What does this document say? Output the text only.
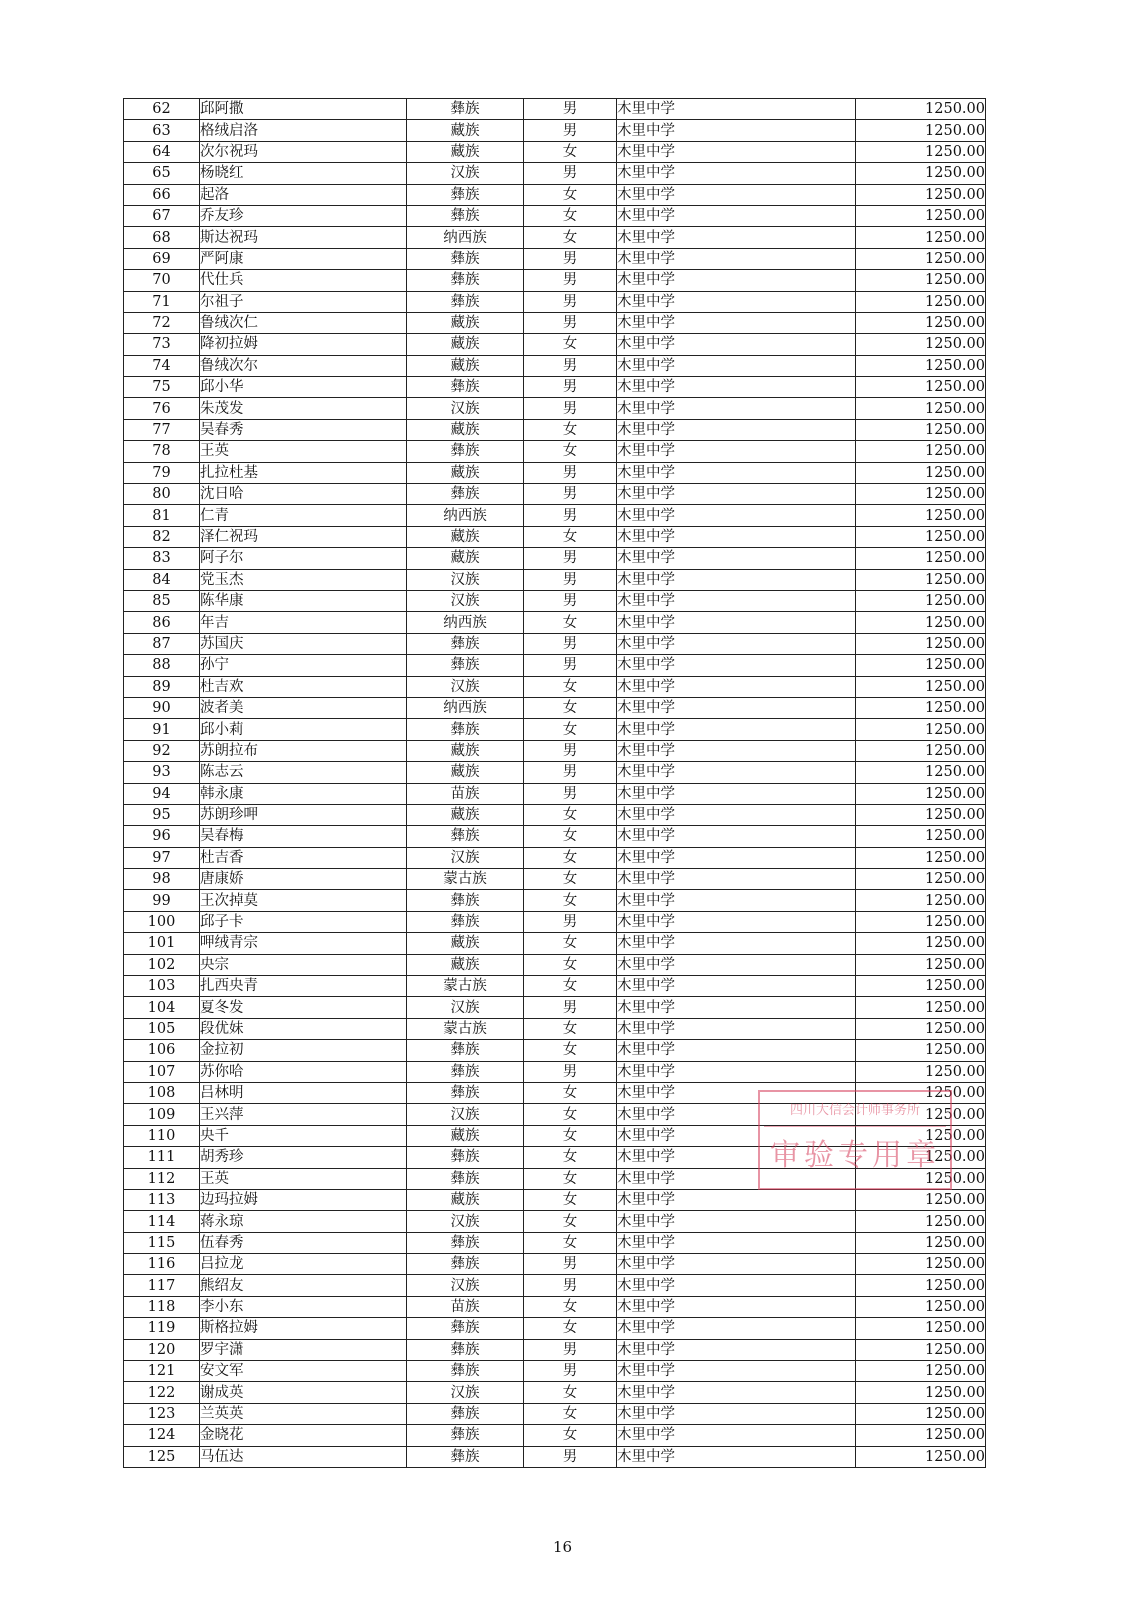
62	邱阿撒	彝族	男	木里中学	1250.00
63	格绒启洛	藏族	男	木里中学	1250.00
64	次尔祝玛	藏族	女	木里中学	1250.00
65	杨晓红	汉族	男	木里中学	1250.00
66	起洛	彝族	女	木里中学	1250.00
67	乔友珍	彝族	女	木里中学	1250.00
68	斯达祝玛	纳西族	女	木里中学	1250.00
69	严阿康	彝族	男	木里中学	1250.00
70	代仕兵	彝族	男	木里中学	1250.00
71	尔祖子	彝族	男	木里中学	1250.00
72	鲁绒次仁	藏族	男	木里中学	1250.00
73	降初拉姆	藏族	女	木里中学	1250.00
74	鲁绒次尔	藏族	男	木里中学	1250.00
75	邱小华	彝族	男	木里中学	1250.00
76	朱茂发	汉族	男	木里中学	1250.00
77	吴春秀	藏族	女	木里中学	1250.00
78	王英	彝族	女	木里中学	1250.00
79	扎拉杜基	藏族	男	木里中学	1250.00
80	沈日哈	彝族	男	木里中学	1250.00
81	仁青	纳西族	男	木里中学	1250.00
82	泽仁祝玛	藏族	女	木里中学	1250.00
83	阿子尔	藏族	男	木里中学	1250.00
84	党玉杰	汉族	男	木里中学	1250.00
85	陈华康	汉族	男	木里中学	1250.00
86	年吉	纳西族	女	木里中学	1250.00
87	苏国庆	彝族	男	木里中学	1250.00
88	孙宁	彝族	男	木里中学	1250.00
89	杜吉欢	汉族	女	木里中学	1250.00
90	波者美	纳西族	女	木里中学	1250.00
91	邱小莉	彝族	女	木里中学	1250.00
92	苏朗拉布	藏族	男	木里中学	1250.00
93	陈志云	藏族	男	木里中学	1250.00
94	韩永康	苗族	男	木里中学	1250.00
95	苏朗珍呷	藏族	女	木里中学	1250.00
96	吴春梅	彝族	女	木里中学	1250.00
97	杜吉香	汉族	女	木里中学	1250.00
98	唐康娇	蒙古族	女	木里中学	1250.00
99	王次掉莫	彝族	女	木里中学	1250.00
100	邱子卡	彝族	男	木里中学	1250.00
101	呷绒青宗	藏族	女	木里中学	1250.00
102	央宗	藏族	女	木里中学	1250.00
103	扎西央青	蒙古族	女	木里中学	1250.00
104	夏冬发	汉族	男	木里中学	1250.00
105	段优妹	蒙古族	女	木里中学	1250.00
106	金拉初	彝族	女	木里中学	1250.00
107	苏你哈	彝族	男	木里中学	1250.00
108	吕林明	彝族	女	木里中学	1250.00
109	王兴萍	汉族	女	木里中学	1250.00
110	央千	藏族	女	木里中学	1250.00
111	胡秀珍	彝族	女	木里中学	1250.00
112	王英	彝族	女	木里中学	1250.00
113	边玛拉姆	藏族	女	木里中学	1250.00
114	蒋永琼	汉族	女	木里中学	1250.00
115	伍春秀	彝族	女	木里中学	1250.00
116	吕拉龙	彝族	男	木里中学	1250.00
117	熊绍友	汉族	男	木里中学	1250.00
118	李小东	苗族	女	木里中学	1250.00
119	斯格拉姆	彝族	女	木里中学	1250.00
120	罗宇潇	彝族	男	木里中学	1250.00
121	安文军	彝族	男	木里中学	1250.00
122	谢成英	汉族	女	木里中学	1250.00
123	兰英英	彝族	女	木里中学	1250.00
124	金晓花	彝族	女	木里中学	1250.00
125	马伍达	彝族	男	木里中学	1250.00
四川大信会计师事务所
审验专用章
16
